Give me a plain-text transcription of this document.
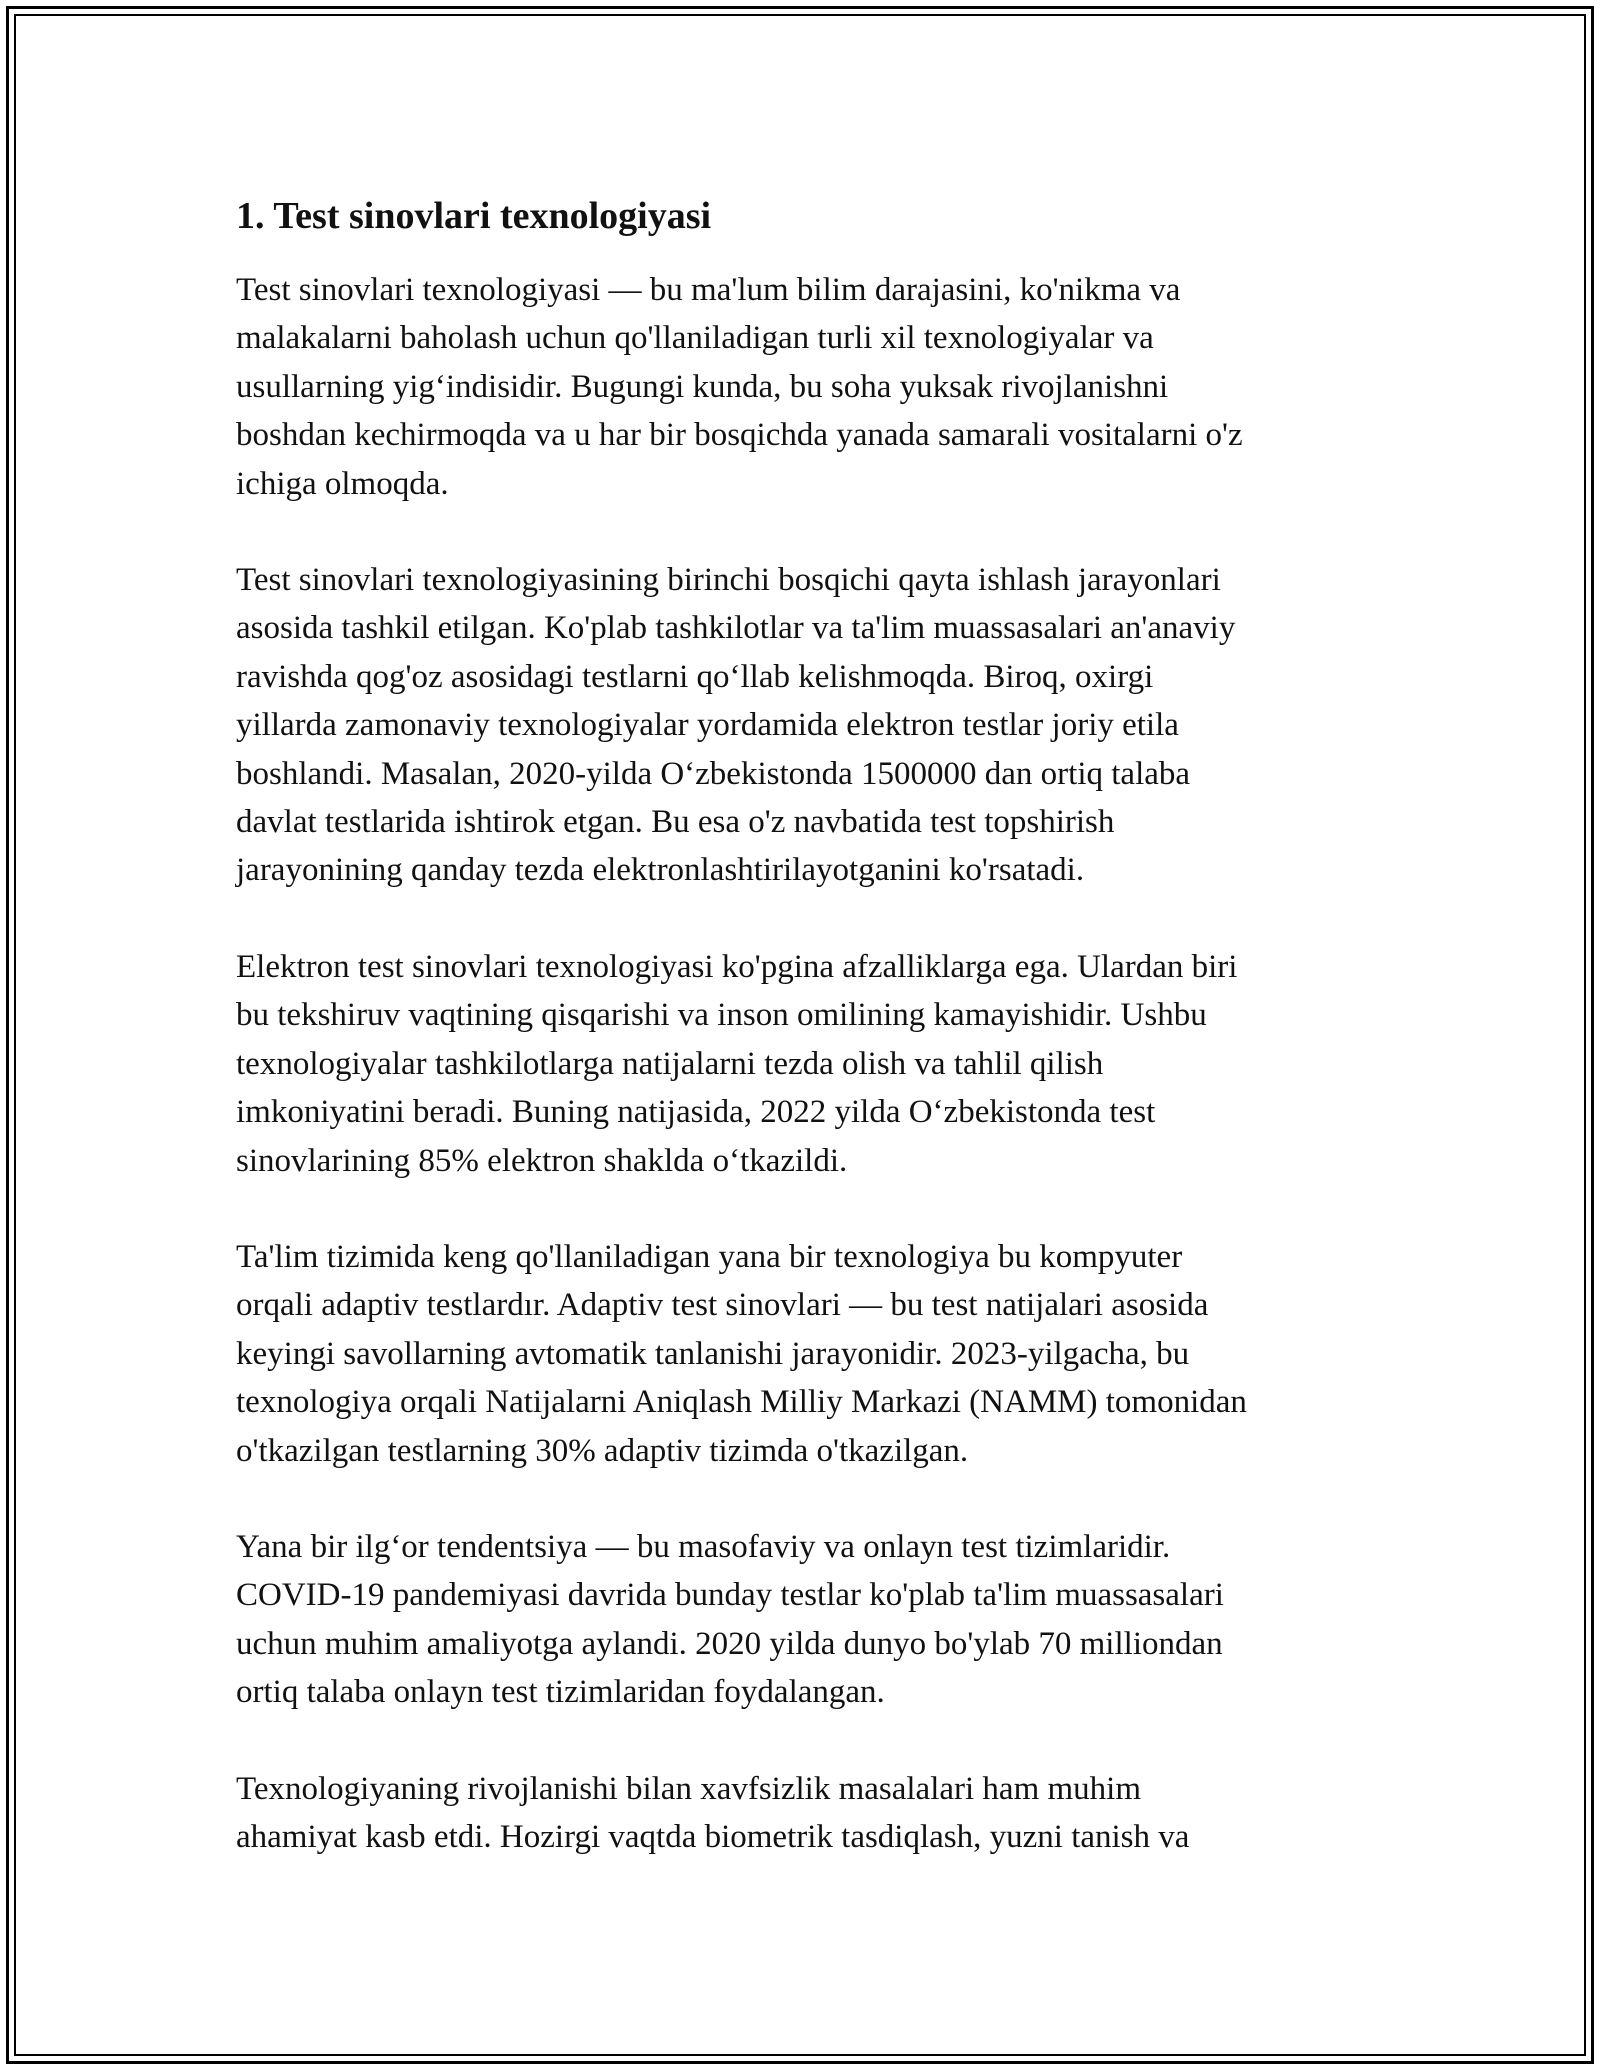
1. Test sinovlari texnologiyasi

Test sinovlari texnologiyasi — bu ma'lum bilim darajasini, ko'nikma va
malakalarni baholash uchun qo'llaniladigan turli xil texnologiyalar va
usullarning yig‘indisidir. Bugungi kunda, bu soha yuksak rivojlanishni
boshdan kechirmoqda va u har bir bosqichda yanada samarali vositalarni o'z
ichiga olmoqda.

Test sinovlari texnologiyasining birinchi bosqichi qayta ishlash jarayonlari
asosida tashkil etilgan. Ko'plab tashkilotlar va ta'lim muassasalari an'anaviy
ravishda qog'oz asosidagi testlarni qo‘llab kelishmoqda. Biroq, oxirgi
yillarda zamonaviy texnologiyalar yordamida elektron testlar joriy etila
boshlandi. Masalan, 2020-yilda O‘zbekistonda 1500000 dan ortiq talaba
davlat testlarida ishtirok etgan. Bu esa o'z navbatida test topshirish
jarayonining qanday tezda elektronlashtirilayotganini ko'rsatadi.

Elektron test sinovlari texnologiyasi ko'pgina afzalliklarga ega. Ulardan biri
bu tekshiruv vaqtining qisqarishi va inson omilining kamayishidir. Ushbu
texnologiyalar tashkilotlarga natijalarni tezda olish va tahlil qilish
imkoniyatini beradi. Buning natijasida, 2022 yilda O‘zbekistonda test
sinovlarining 85% elektron shaklda o‘tkazildi.

Ta'lim tizimida keng qo'llaniladigan yana bir texnologiya bu kompyuter
orqali adaptiv testlardır. Adaptiv test sinovlari — bu test natijalari asosida
keyingi savollarning avtomatik tanlanishi jarayonidir. 2023-yilgacha, bu
texnologiya orqali Natijalarni Aniqlash Milliy Markazi (NAMM) tomonidan
o'tkazilgan testlarning 30% adaptiv tizimda o'tkazilgan.

Yana bir ilg‘or tendentsiya — bu masofaviy va onlayn test tizimlaridir.
COVID-19 pandemiyasi davrida bunday testlar ko'plab ta'lim muassasalari
uchun muhim amaliyotga aylandi. 2020 yilda dunyo bo'ylab 70 milliondan
ortiq talaba onlayn test tizimlaridan foydalangan.

Texnologiyaning rivojlanishi bilan xavfsizlik masalalari ham muhim
ahamiyat kasb etdi. Hozirgi vaqtda biometrik tasdiqlash, yuzni tanish va
